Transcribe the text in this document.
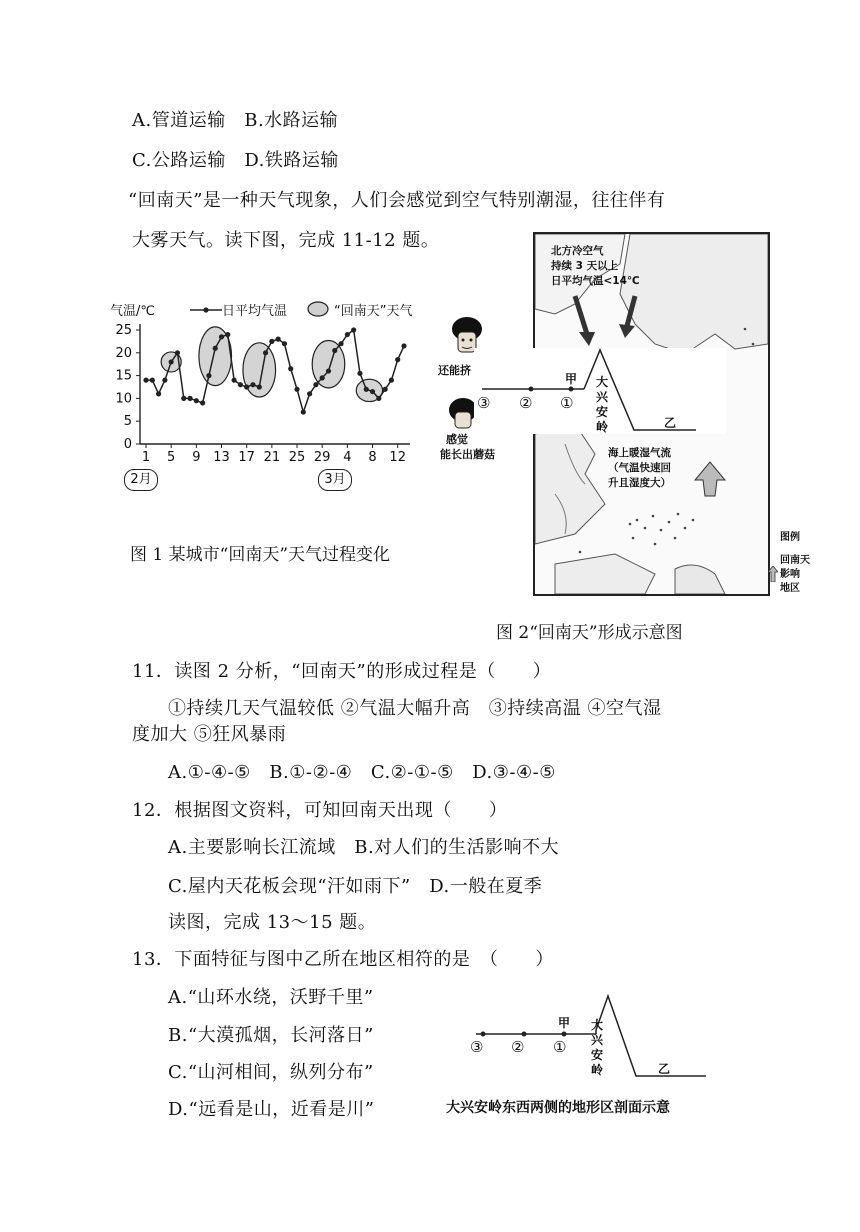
A.管道运输　B.水路运输
C.公路运输　D.铁路运输
“回南天”是一种天气现象，人们会感觉到空气特别潮湿，往往伴有
大雾天气。读下图，完成 11-12 题。
0
5
10
15
20
25
1 5 9 13 17 21 25 29 4 8 12
气温/℃	日平均气温	“回南天”天气
2月	3月
还能挤
感觉
能长出蘑菇
图 1 某城市“回南天”天气过程变化
北方冷空气
持续 3 天以上
日平均气温<14℃
海上暖湿气流
（气温快速回
升且湿度大）
图例
回南天
影响
地区
③ ② ①
甲 大
兴
安
岭	乙
图 2“回南天”形成示意图
11．读图 2 分析，“回南天”的形成过程是（　　）
①持续几天气温较低 ②气温大幅升高　③持续高温 ④空气湿
度加大 ⑤狂风暴雨
A.①-④-⑤　B.①-②-④　C.②-①-⑤　D.③-④-⑤
12．根据图文资料，可知回南天出现（　　）
A.主要影响长江流域　B.对人们的生活影响不大
C.屋内天花板会现“汗如雨下”　D.一般在夏季
读图，完成 13～15 题。
13．下面特征与图中乙所在地区相符的是　（　　）
A.“山环水绕，沃野千里”
B.“大漠孤烟，长河落日”
C.“山河相间，纵列分布”
D.“远看是山，近看是川”
③ ② ①
甲 大
兴
安
岭	乙
大兴安岭东西两侧的地形区剖面示意
